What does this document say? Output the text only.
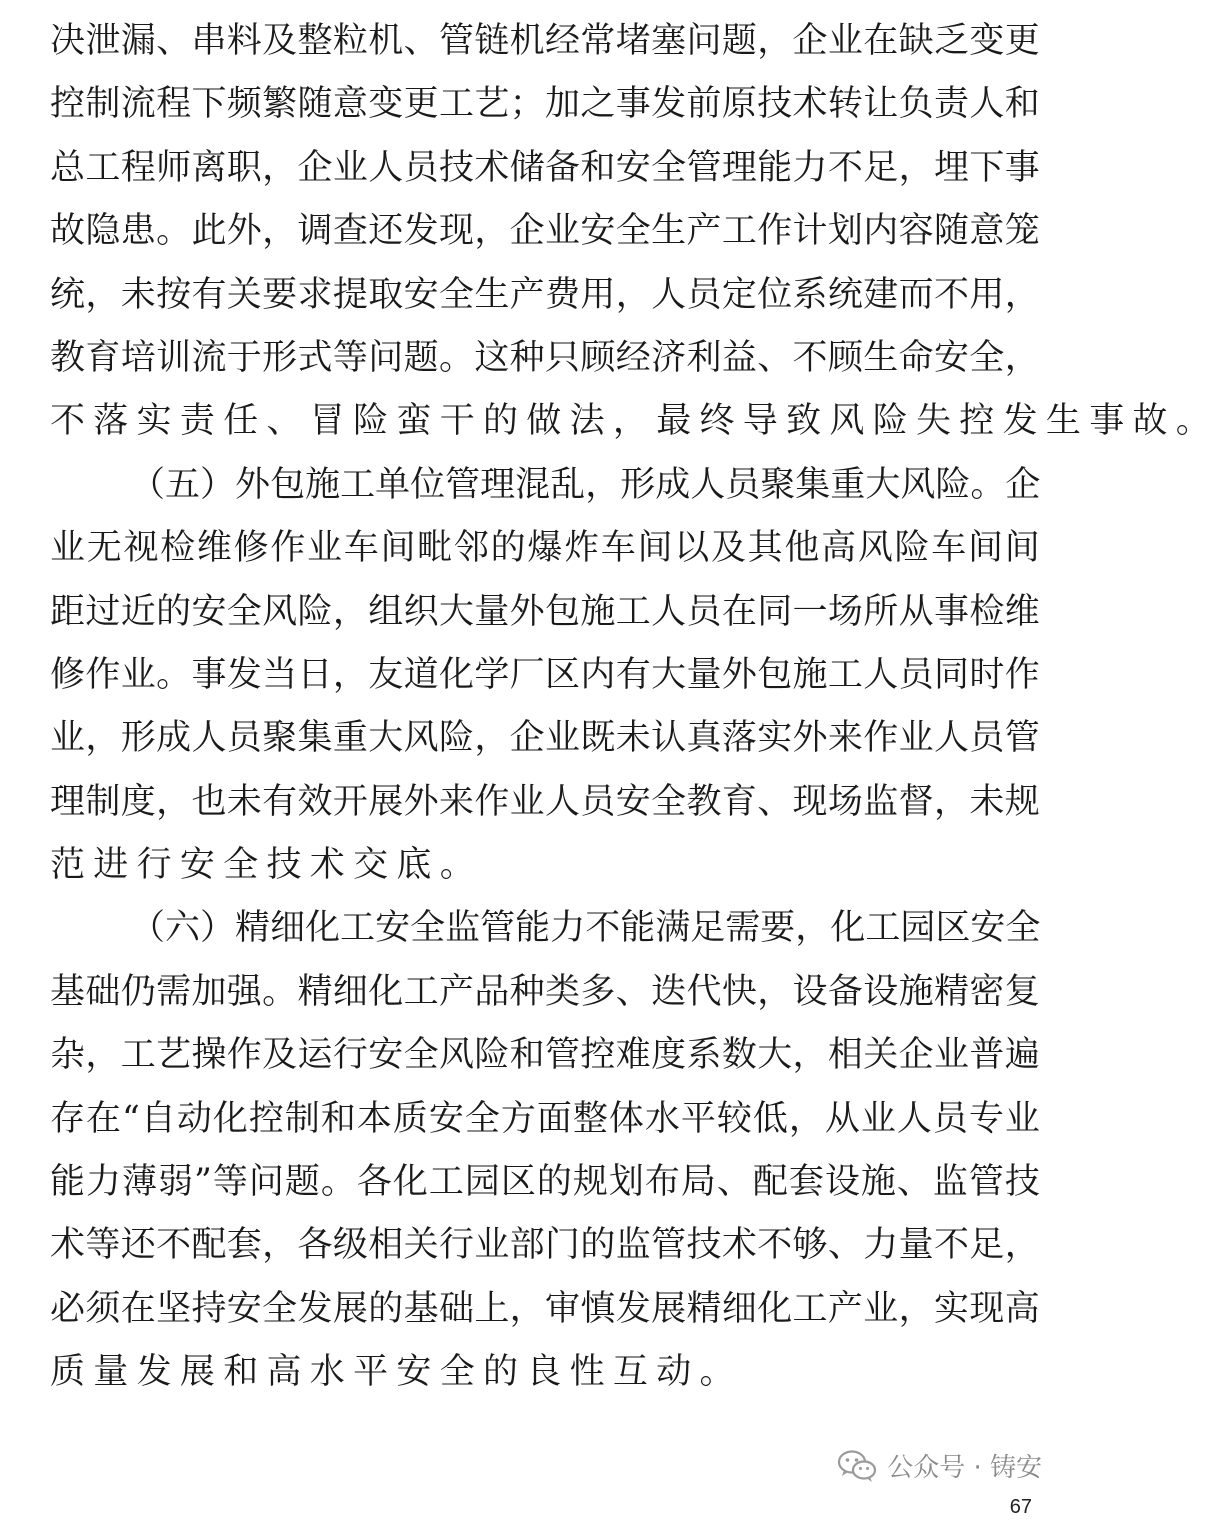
决 泄 漏 、 串 料 及 整 粒 机 、 管 链 机 经 常 堵 塞 问 题 ， 企 业 在 缺 乏 变 更
控 制 流 程 下 频 繁 随 意 变 更 工 艺 ； 加 之 事 发 前 原 技 术 转 让 负 责 人 和
总 工 程 师 离 职 ， 企 业 人 员 技 术 储 备 和 安 全 管 理 能 力 不 足 ， 埋 下 事
故 隐 患 。 此 外 ， 调 查 还 发 现 ， 企 业 安 全 生 产 工 作 计 划 内 容 随 意 笼
统 ， 未 按 有 关 要 求 提 取 安 全 生 产 费 用 ， 人 员 定 位 系 统 建 而 不 用 ，
教 育 培 训 流 于 形 式 等 问 题 。 这 种 只 顾 经 济 利 益 、 不 顾 生 命 安 全 ，
不落实责任、冒险蛮干的做法，最终导致风险失控发生事故。
（ 五 ） 外 包 施 工 单 位 管 理 混 乱 ， 形 成 人 员 聚 集 重 大 风 险 。 企
业 无 视 检 维 修 作 业 车 间 毗 邻 的 爆 炸 车 间 以 及 其 他 高 风 险 车 间 间
距 过 近 的 安 全 风 险 ， 组 织 大 量 外 包 施 工 人 员 在 同 一 场 所 从 事 检 维
修 作 业 。 事 发 当 日 ， 友 道 化 学 厂 区 内 有 大 量 外 包 施 工 人 员 同 时 作
业 ， 形 成 人 员 聚 集 重 大 风 险 ， 企 业 既 未 认 真 落 实 外 来 作 业 人 员 管
理 制 度 ， 也 未 有 效 开 展 外 来 作 业 人 员 安 全 教 育 、 现 场 监 督 ， 未 规
范进行安全技术交底。
（ 六 ） 精 细 化 工 安 全 监 管 能 力 不 能 满 足 需 要 ， 化 工 园 区 安 全
基 础 仍 需 加 强 。 精 细 化 工 产 品 种 类 多 、 迭 代 快 ， 设 备 设 施 精 密 复
杂 ， 工 艺 操 作 及 运 行 安 全 风 险 和 管 控 难 度 系 数 大 ， 相 关 企 业 普 遍
存 在 “ 自 动 化 控 制 和 本 质 安 全 方 面 整 体 水 平 较 低 ， 从 业 人 员 专 业
能 力 薄 弱 ” 等 问 题 。 各 化 工 园 区 的 规 划 布 局 、 配 套 设 施 、 监 管 技
术 等 还 不 配 套 ， 各 级 相 关 行 业 部 门 的 监 管 技 术 不 够 、 力 量 不 足 ，
必 须 在 坚 持 安 全 发 展 的 基 础 上 ， 审 慎 发 展 精 细 化 工 产 业 ， 实 现 高
质量发展和高水平安全的良性互动。
公众号 · 铸安
67
